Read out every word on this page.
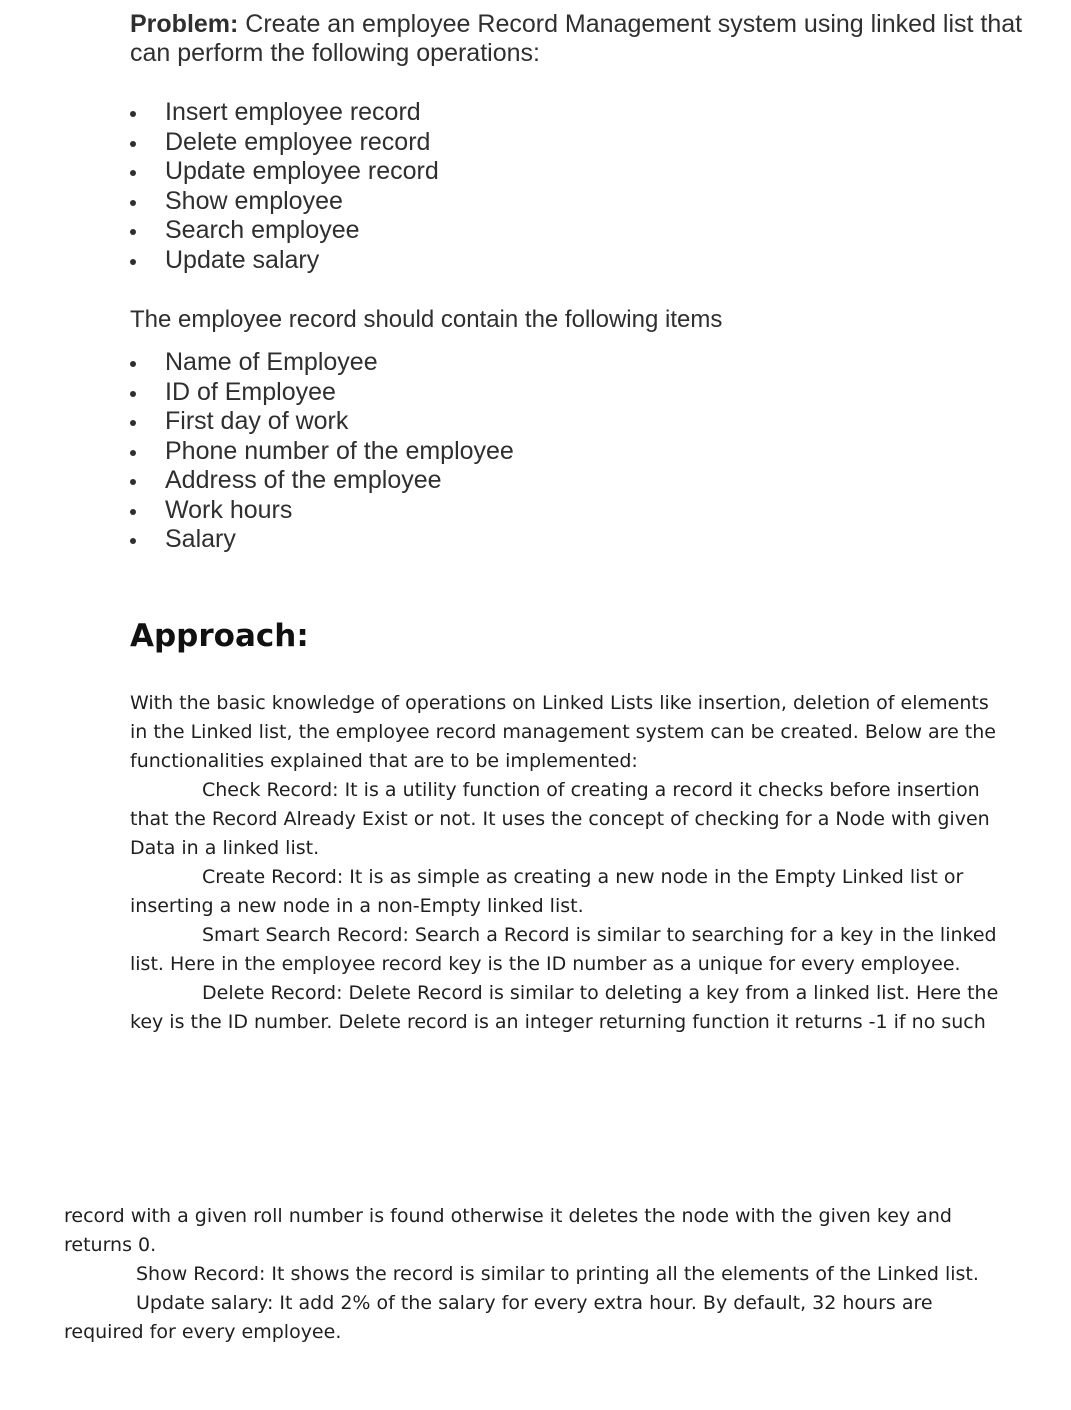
Problem: Create an employee Record Management system using linked list that can perform the following operations:
Insert employee record
Delete employee record
Update employee record
Show employee
Search employee
Update salary
The employee record should contain the following items
Name of Employee
ID of Employee
First day of work
Phone number of the employee
Address of the employee
Work hours
Salary
Approach:
With the basic knowledge of operations on Linked Lists like insertion, deletion of elements in the Linked list, the employee record management system can be created. Below are the functionalities explained that are to be implemented:
Check Record: It is a utility function of creating a record it checks before insertion that the Record Already Exist or not. It uses the concept of checking for a Node with given Data in a linked list.
Create Record: It is as simple as creating a new node in the Empty Linked list or inserting a new node in a non-Empty linked list.
Smart Search Record: Search a Record is similar to searching for a key in the linked list. Here in the employee record key is the ID number as a unique for every employee.
Delete Record: Delete Record is similar to deleting a key from a linked list. Here the key is the ID number. Delete record is an integer returning function it returns -1 if no such
record with a given roll number is found otherwise it deletes the node with the given key and returns 0.
Show Record: It shows the record is similar to printing all the elements of the Linked list.
Update salary: It add 2% of the salary for every extra hour. By default, 32 hours are required for every employee.
